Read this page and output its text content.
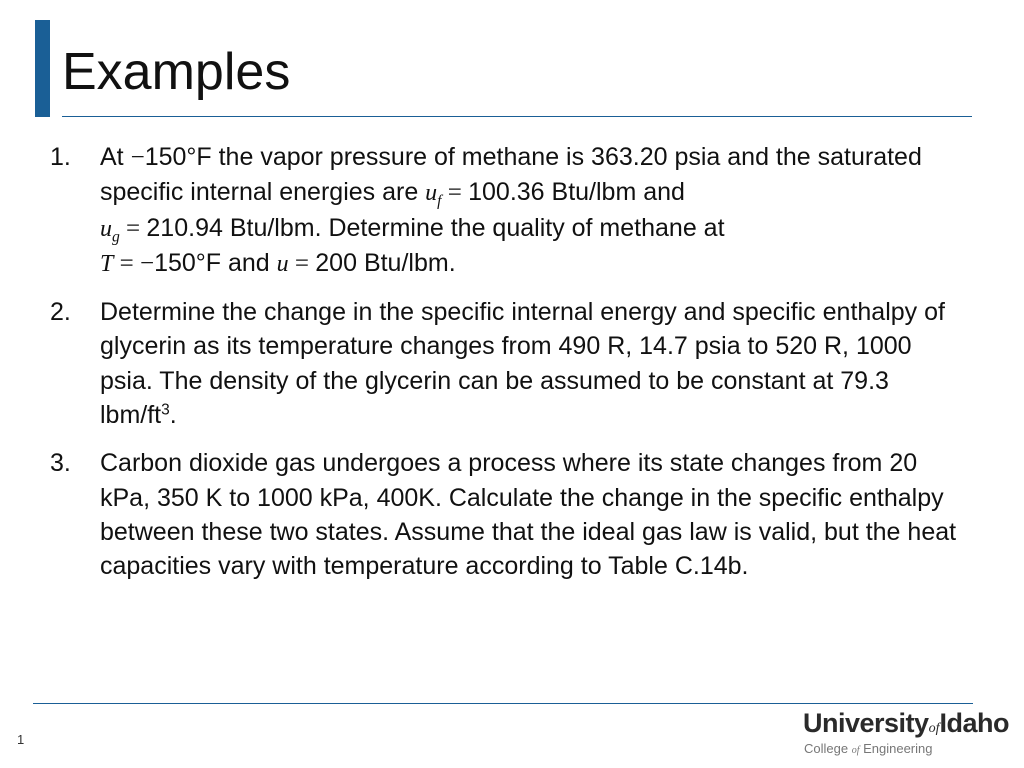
Examples
1. At −150°F the vapor pressure of methane is 363.20 psia and the saturated specific internal energies are $u_f = 100.36$ Btu/lbm and
$u_g = 210.94$ Btu/lbm. Determine the quality of methane at
T = −150°F and u = 200 Btu/lbm.
2. Determine the change in the specific internal energy and specific enthalpy of glycerin as its temperature changes from 490 R, 14.7 psia to 520 R, 1000 psia. The density of the glycerin can be assumed to be constant at 79.3 lbm/$ft^3$.
3. Carbon dioxide gas undergoes a process where its state changes from 20 kPa, 350 K to 1000 kPa, 400K. Calculate the change in the specific enthalpy between these two states. Assume that the ideal gas law is valid, but the heat capacities vary with temperature according to Table C.14b.
1
UniversityofIdaho
College of Engineering
